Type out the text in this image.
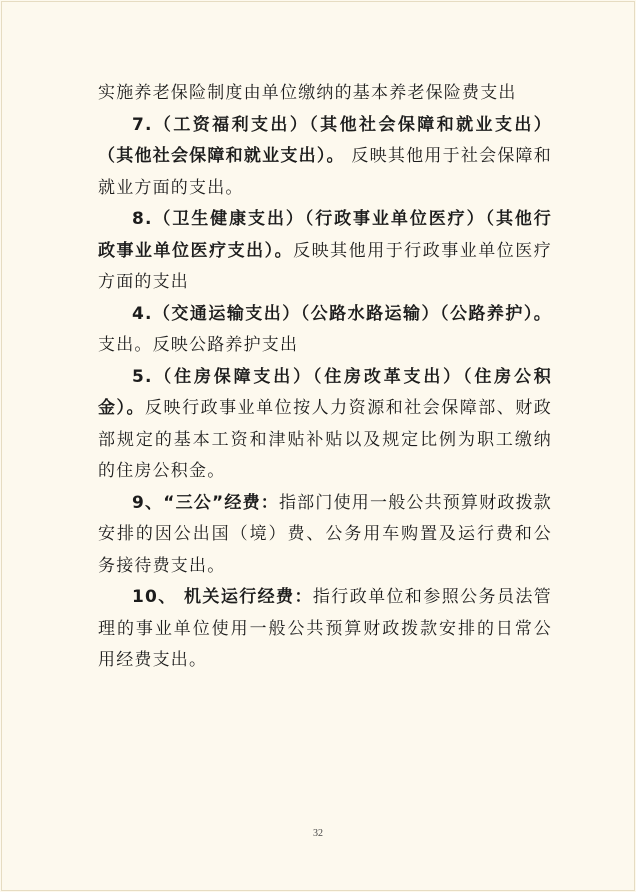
实施养老保险制度由单位缴纳的基本养老保险费支出

7.（工资福利支出）（其他社会保障和就业支出）（其他社会保障和就业支出）。 反映其他用于社会保障和就业方面的支出。

8.（卫生健康支出）（行政事业单位医疗）（其他行政事业单位医疗支出）。反映其他用于行政事业单位医疗方面的支出

4.（交通运输支出）（公路水路运输）（公路养护）。支出。反映公路养护支出

5.（住房保障支出）（住房改革支出）（住房公积金）。反映行政事业单位按人力资源和社会保障部、财政部规定的基本工资和津贴补贴以及规定比例为职工缴纳的住房公积金。

9、“三公”经费：指部门使用一般公共预算财政拨款安排的因公出国（境）费、公务用车购置及运行费和公务接待费支出。

10、 机关运行经费：指行政单位和参照公务员法管理的事业单位使用一般公共预算财政拨款安排的日常公用经费支出。

32
